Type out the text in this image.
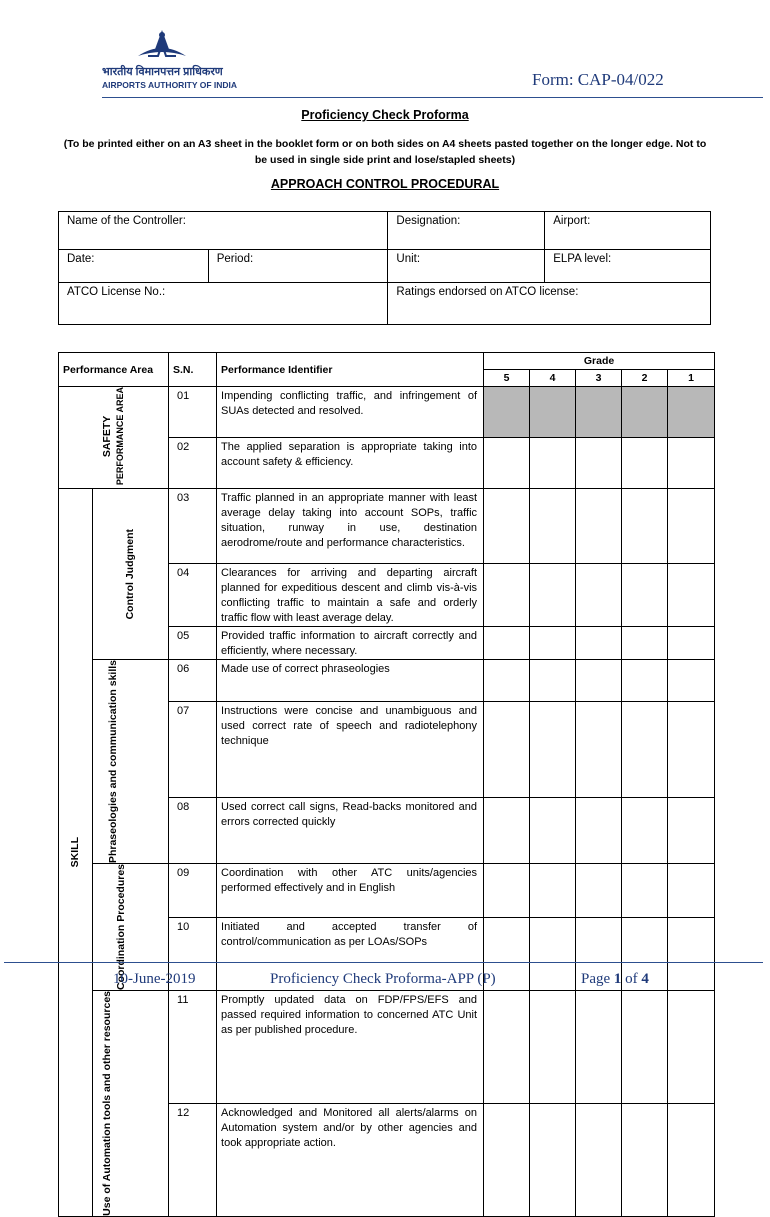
भारतीय विमानपत्तन प्राधिकरण
AIRPORTS AUTHORITY OF INDIA	Form: CAP-04/022
Proficiency Check Proforma
(To be printed either on an A3 sheet in the booklet form or on both sides on A4 sheets pasted together on the longer edge. Not to be used in single side print and lose/stapled sheets)
APPROACH CONTROL PROCEDURAL
Name of the Controller:		Designation:	Airport:
Date:	Period:	Unit:	ELPA level:
ATCO License No.:		Ratings endorsed on ATCO license:	
Performance Area		S.N.	Performance Identifier	Grade				
				5	4	3	2	1
SAFETY PERFORMANCE AREA		01	Impending conflicting traffic, and infringement of SUAs detected and resolved.					
		02	The applied separation is appropriate taking into account safety & efficiency.					

SKILL	Control Judgment	03	Traffic planned in an appropriate manner with least average delay taking into account SOPs, traffic situation, runway in use, destination aerodrome/route and performance characteristics.					
		04	Clearances for arriving and departing aircraft planned for expeditious descent and climb vis-à-vis conflicting traffic to maintain a safe and orderly traffic flow with least average delay.					
		05	Provided traffic information to aircraft correctly and efficiently, where necessary.					

	Phraseologies and communication skills	06	Made use of correct phraseologies					
		07	Instructions were concise and unambiguous and used correct rate of speech and radiotelephony technique					
		08	Used correct call signs, Read-backs monitored and errors corrected quickly					

	Coordination Procedures	09	Coordination with other ATC units/agencies performed effectively and in English					
		10	Initiated and accepted transfer of control/communication as per LOAs/SOPs					

	Use of Automation tools and other resources	11	Promptly updated data on FDP/FPS/EFS and passed required information to concerned ATC Unit as per published procedure.					
		12	Acknowledged and Monitored all alerts/alarms on Automation system and/or by other agencies and took appropriate action.					
10-June-2019	Proficiency Check Proforma-APP (P)	Page 1 of 4
